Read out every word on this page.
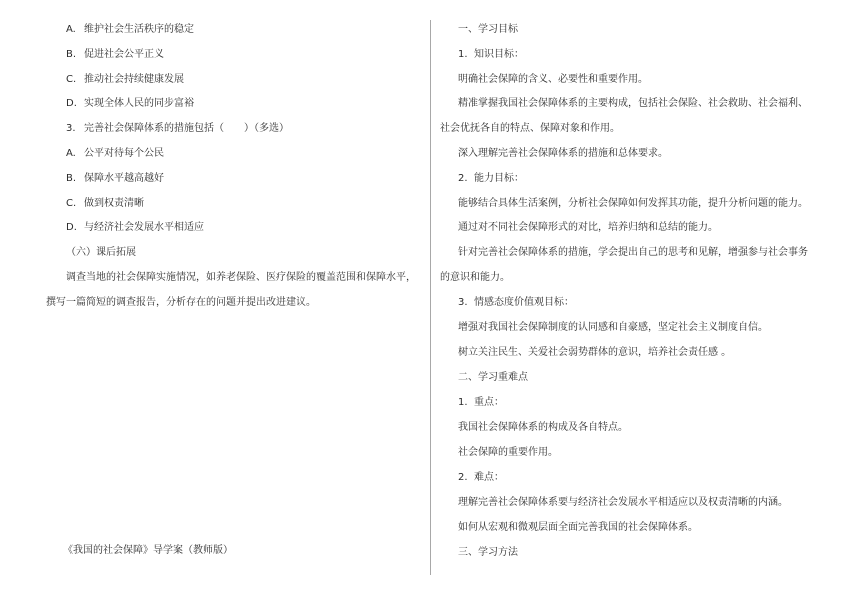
A. 维护社会生活秩序的稳定
B. 促进社会公平正义
C. 推动社会持续健康发展
D. 实现全体人民的同步富裕
3. 完善社会保障体系的措施包括（　　）（多选）
A. 公平对待每个公民
B. 保障水平越高越好
C. 做到权责清晰
D. 与经济社会发展水平相适应
（六）课后拓展
调查当地的社会保障实施情况，如养老保险、医疗保险的覆盖范围和保障水平，
撰写一篇简短的调查报告，分析存在的问题并提出改进建议。
《我国的社会保障》导学案（教师版）
一、学习目标
1. 知识目标：
明确社会保障的含义、必要性和重要作用。
精准掌握我国社会保障体系的主要构成，包括社会保险、社会救助、社会福利、
社会优抚各自的特点、保障对象和作用。
深入理解完善社会保障体系的措施和总体要求。
2. 能力目标：
能够结合具体生活案例，分析社会保障如何发挥其功能，提升分析问题的能力。
通过对不同社会保障形式的对比，培养归纳和总结的能力。
针对完善社会保障体系的措施，学会提出自己的思考和见解，增强参与社会事务
的意识和能力。
3. 情感态度价值观目标：
增强对我国社会保障制度的认同感和自豪感，坚定社会主义制度自信。
树立关注民生、关爱社会弱势群体的意识，培养社会责任感 。
二、学习重难点
1. 重点：
我国社会保障体系的构成及各自特点。
社会保障的重要作用。
2. 难点：
理解完善社会保障体系要与经济社会发展水平相适应以及权责清晰的内涵。
如何从宏观和微观层面全面完善我国的社会保障体系。
三、学习方法
